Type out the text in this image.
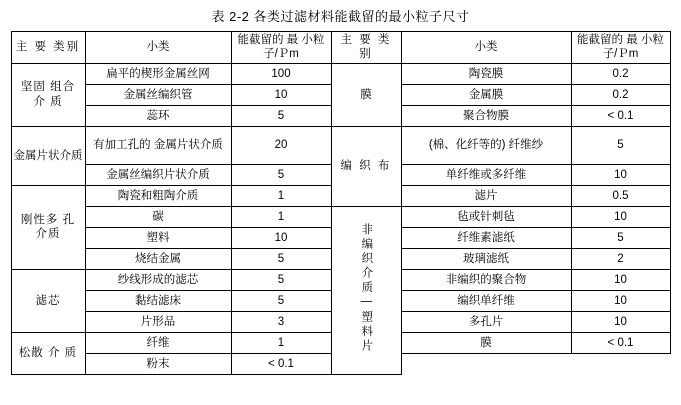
表 2-2 各类过滤材料能截留的最小粒子尺寸
主 要 类别	小类	能截留的 最 小粒子/Ｐm	主 要 类 别	小类	能截留的 最 小粒子/Ｐm
坚固 组合 介 质	扁平的楔形金属丝网	100	膜	陶瓷膜	0.2
	金属丝编织管	10		金属膜	0.2
	蕊环	5		聚合物膜	< 0.1
金属片状介质	有加工孔的 金属片状介质	20	编 织 布	(棉、化纤等的) 纤维纱	5
	金属丝编织片状介质	5		单纤维或多纤维	10
刚性多 孔 介质	陶瓷和粗陶介质	1		滤片	0.5
	碳	1	非编织介质—塑料片	毡或针刺毡	10
	塑料	10		纤维素滤纸	5
	烧结金属	5		玻璃滤纸	2
滤芯	纱线形成的滤芯	5		非编织的聚合物	10
	黏结滤床	5		编织单纤维	10
	片形品	3		多孔片	10
松散 介 质	纤维	1		膜	< 0.1
	粉末	< 0.1			
